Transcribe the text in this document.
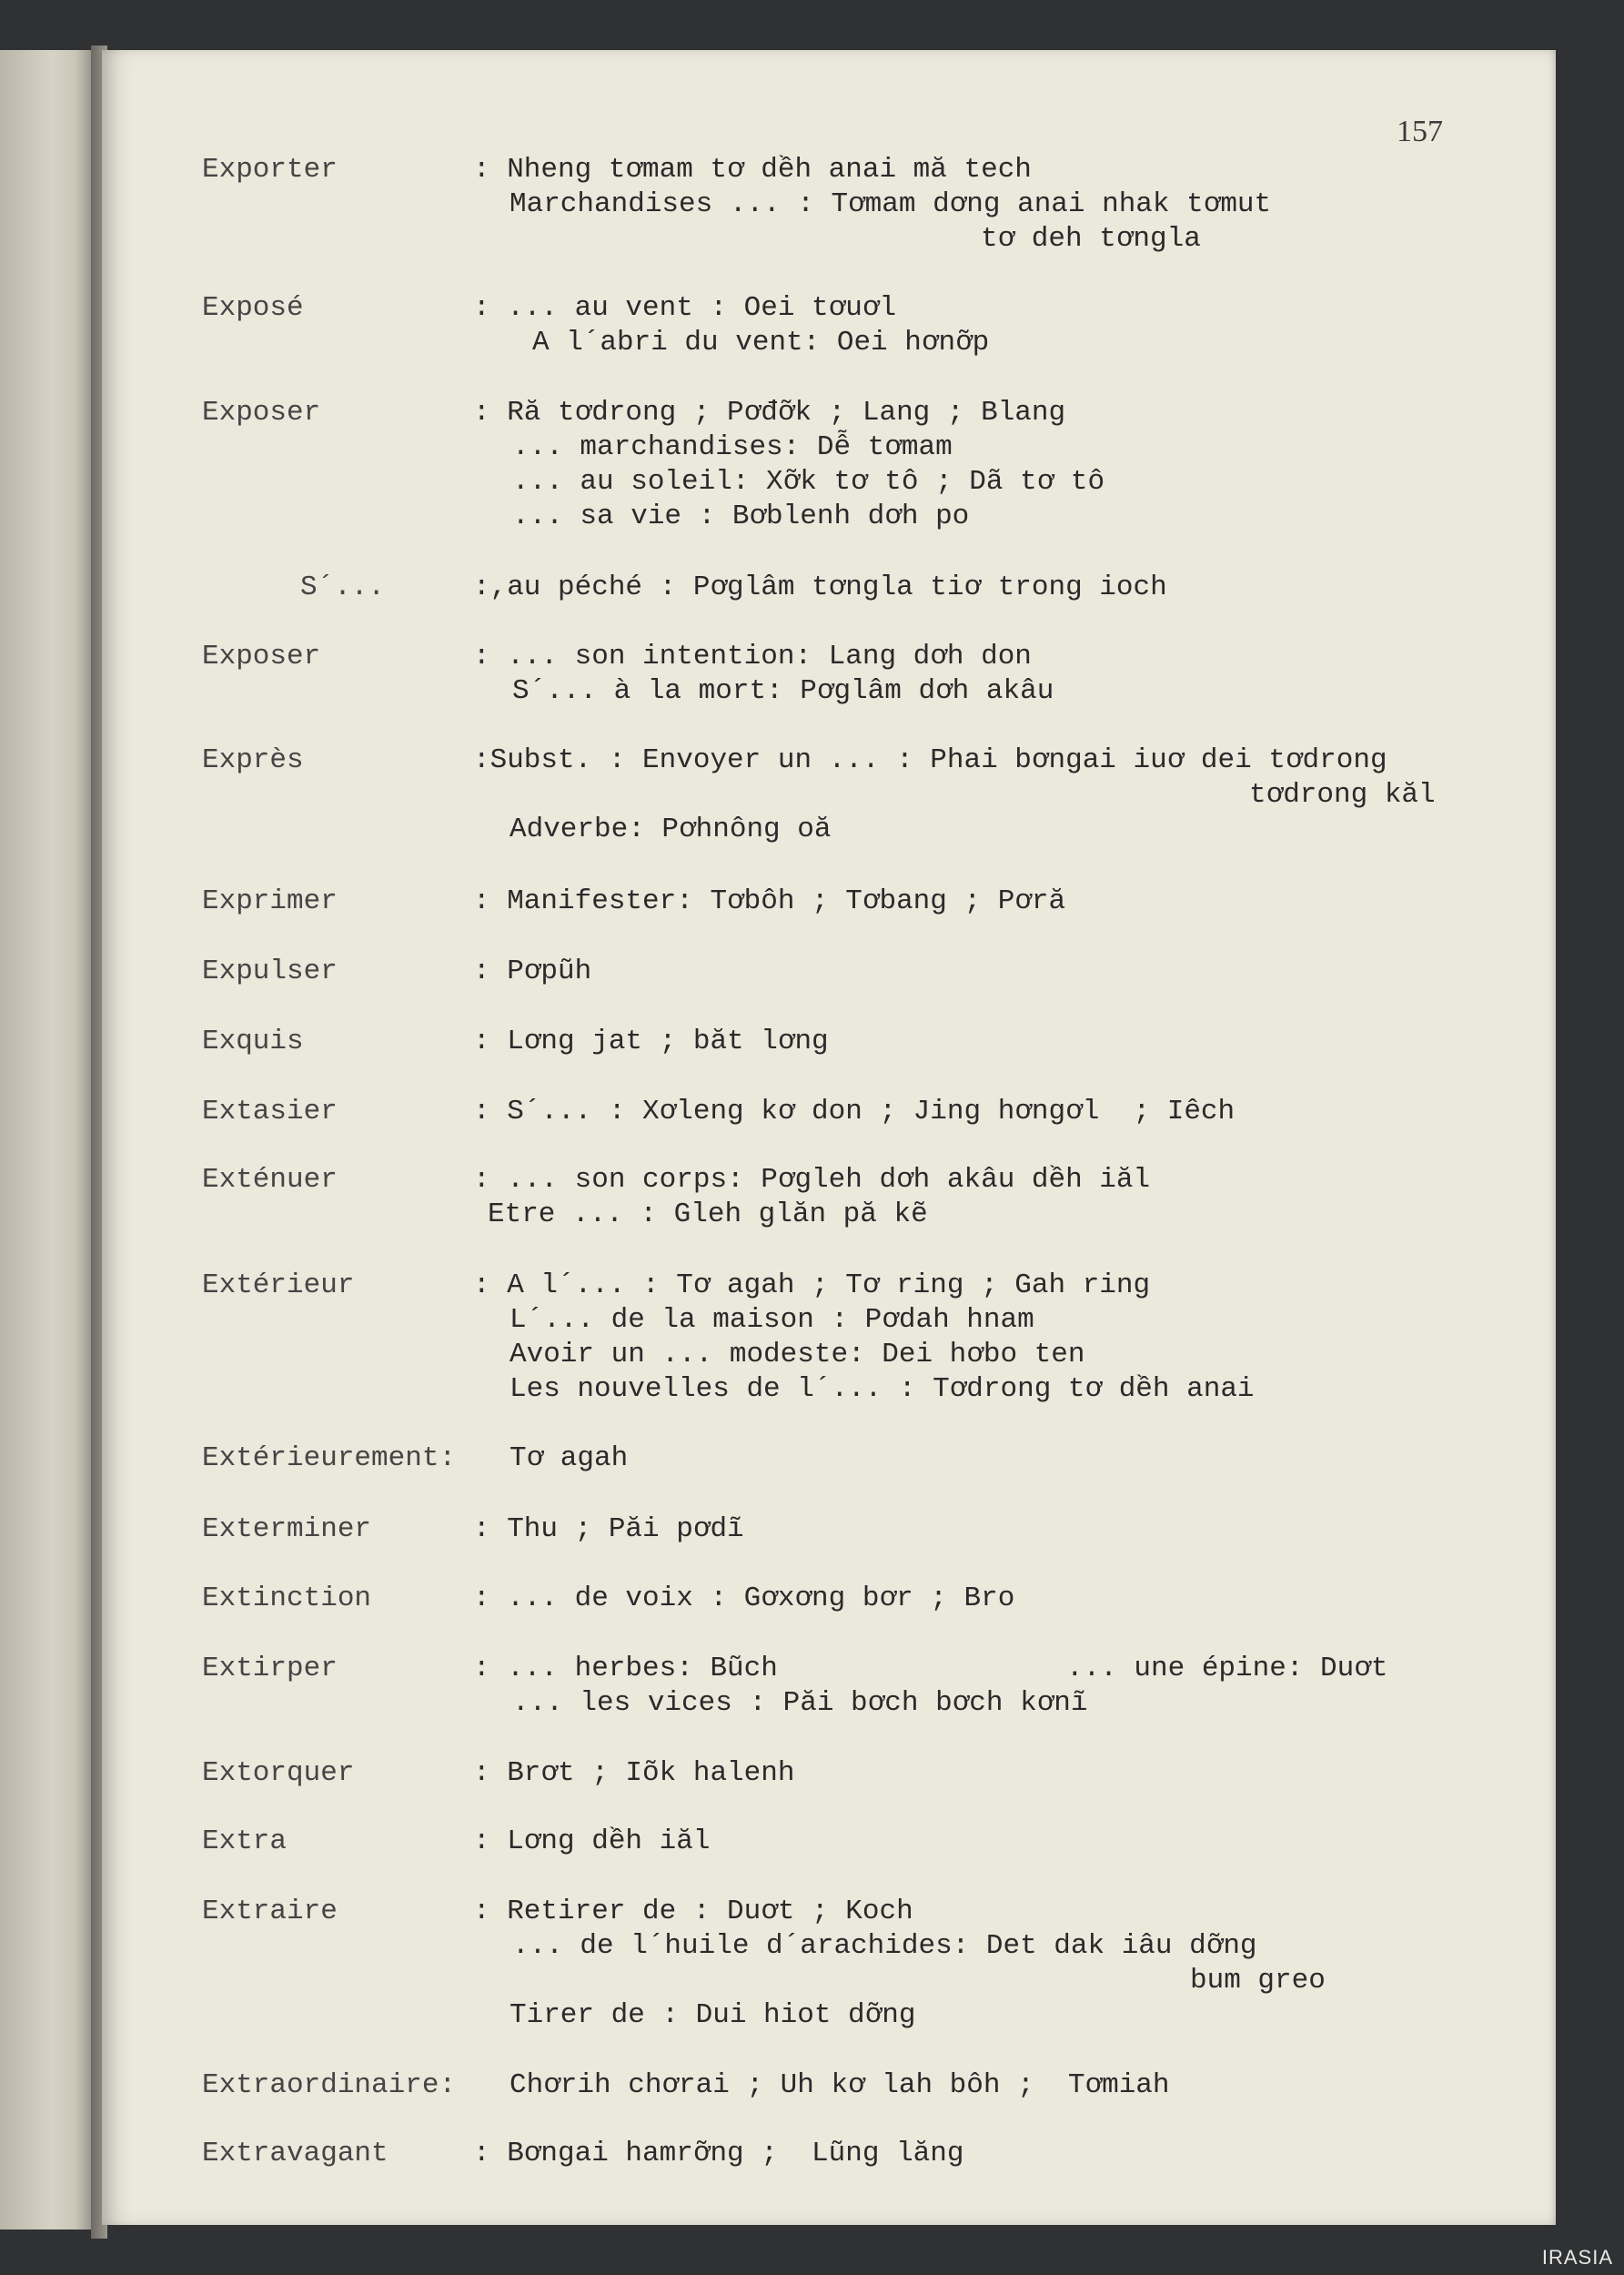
157
Exporter	: Nheng tơmam tơ dềh anai mă tech
Marchandises ... : Tơmam dơng anai nhak tơmut
tơ deh tơngla
Exposé	: ... au vent : Oei tơuơl
A l´abri du vent: Oei hơnỡp
Exposer	: Ră tơdrong ; Pơđỡk ; Lang ; Blang
... marchandises: Dễ tơmam
... au soleil: Xỡk tơ tô ; Dã tơ tô
... sa vie : Bơblenh dơh po
S´...	:,au péché : Pơglâm tơngla tiơ trong ioch
Exposer	: ... son intention: Lang dơh don
S´... à la mort: Pơglâm dơh akâu
Exprès	:Subst. : Envoyer un ... : Phai bơngai iuơ dei tơdrong
tơdrong kăl
Adverbe: Pơhnông oă
Exprimer	: Manifester: Tơbôh ; Tơbang ; Pơră
Expulser	: Pơpũh
Exquis	: Lơng jat ; băt lơng
Extasier	: S´... : Xơleng kơ don ; Jing hơngơl  ; Iêch
Exténuer	: ... son corps: Pơgleh dơh akâu dềh iăl
Etre ... : Gleh glăn pă kẽ
Extérieur	: A l´... : Tơ agah ; Tơ ring ; Gah ring
L´... de la maison : Pơdah hnam
Avoir un ... modeste: Dei hơbo ten
Les nouvelles de l´... : Tơdrong tơ dềh anai
Extérieurement: Tơ agah
Exterminer	: Thu ; Păi pơdĩ
Extinction	: ... de voix : Gơxơng bơr ; Bro
Extirper	: ... herbes: Bũch	... une épine: Duơt
... les vices : Păi bơch bơch kơnĩ
Extorquer	: Brơt ; Iõk halenh
Extra	: Lơng dềh iăl
Extraire	: Retirer de : Duơt ; Koch
... de l´huile d´arachides: Det dak iâu dỡng
bum greo
Tirer de : Dui hiot dỡng
Extraordinaire: Chơrih chơrai ; Uh kơ lah bôh ;  Tơmiah
Extravagant	: Bơngai hamrỡng ;  Lũng lăng
IRASIA
